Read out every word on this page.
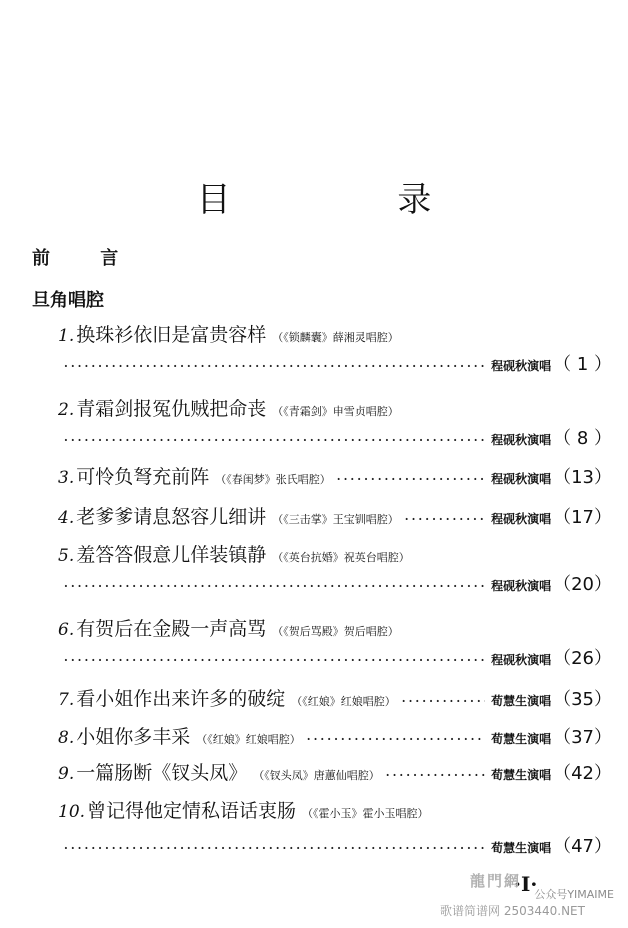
目 录
前 言
旦角唱腔
1. 换珠衫依旧是富贵容样 （《锁麟囊》薛湘灵唱腔）
·····
程砚秋演唱 （ 1 ）
2. 青霜剑报冤仇贼把命丧 （《青霜剑》申雪贞唱腔）
·····
程砚秋演唱 （ 8 ）
3. 可怜负弩充前阵 （《春闺梦》张氏唱腔） ·····	程砚秋演唱 （13）
4. 老爹爹请息怒容儿细讲 （《三击掌》王宝钏唱腔） ·····	程砚秋演唱 （17）
5. 羞答答假意儿佯装镇静 （《英台抗婚》祝英台唱腔）
·····
程砚秋演唱 （20）
6. 有贺后在金殿一声高骂 （《贺后骂殿》贺后唱腔）
·····
程砚秋演唱 （26）
7. 看小姐作出来许多的破绽 （《红娘》红娘唱腔） ·····	荀慧生演唱 （35）
8. 小姐你多丰采 （《红娘》红娘唱腔） ·····	荀慧生演唱 （37）
9. 一篇肠断《钗头凤》 （《钗头凤》唐蕙仙唱腔） ·····	荀慧生演唱 （42）
10. 曾记得他定情私语话衷肠 （《霍小玉》霍小玉唱腔）
·····
荀慧生演唱 （47）
·I·
龍門網
公众号YIMAIME
歌谱简谱网 2503440.NET
